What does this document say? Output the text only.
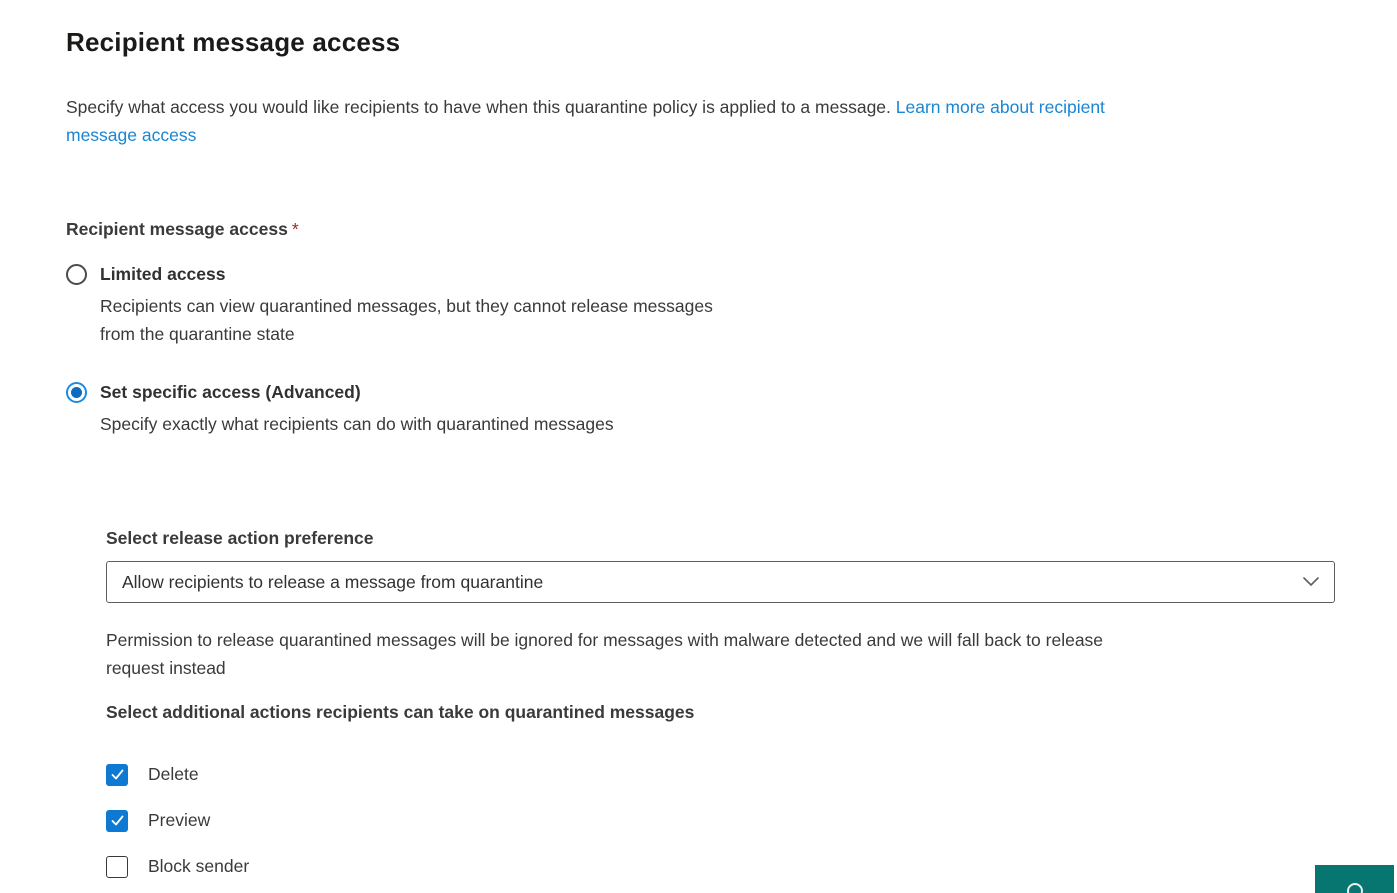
Recipient message access

Specify what access you would like recipients to have when this quarantine policy is applied to a message. Learn more about recipient
message access

Recipient message access *
Limited access
Recipients can view quarantined messages, but they cannot release messages
from the quarantine state
Set specific access (Advanced)
Specify exactly what recipients can do with quarantined messages
Select release action preference
Allow recipients to release a message from quarantine

Permission to release quarantined messages will be ignored for messages with malware detected and we will fall back to release
request instead

Select additional actions recipients can take on quarantined messages
Delete
Preview
Block sender
